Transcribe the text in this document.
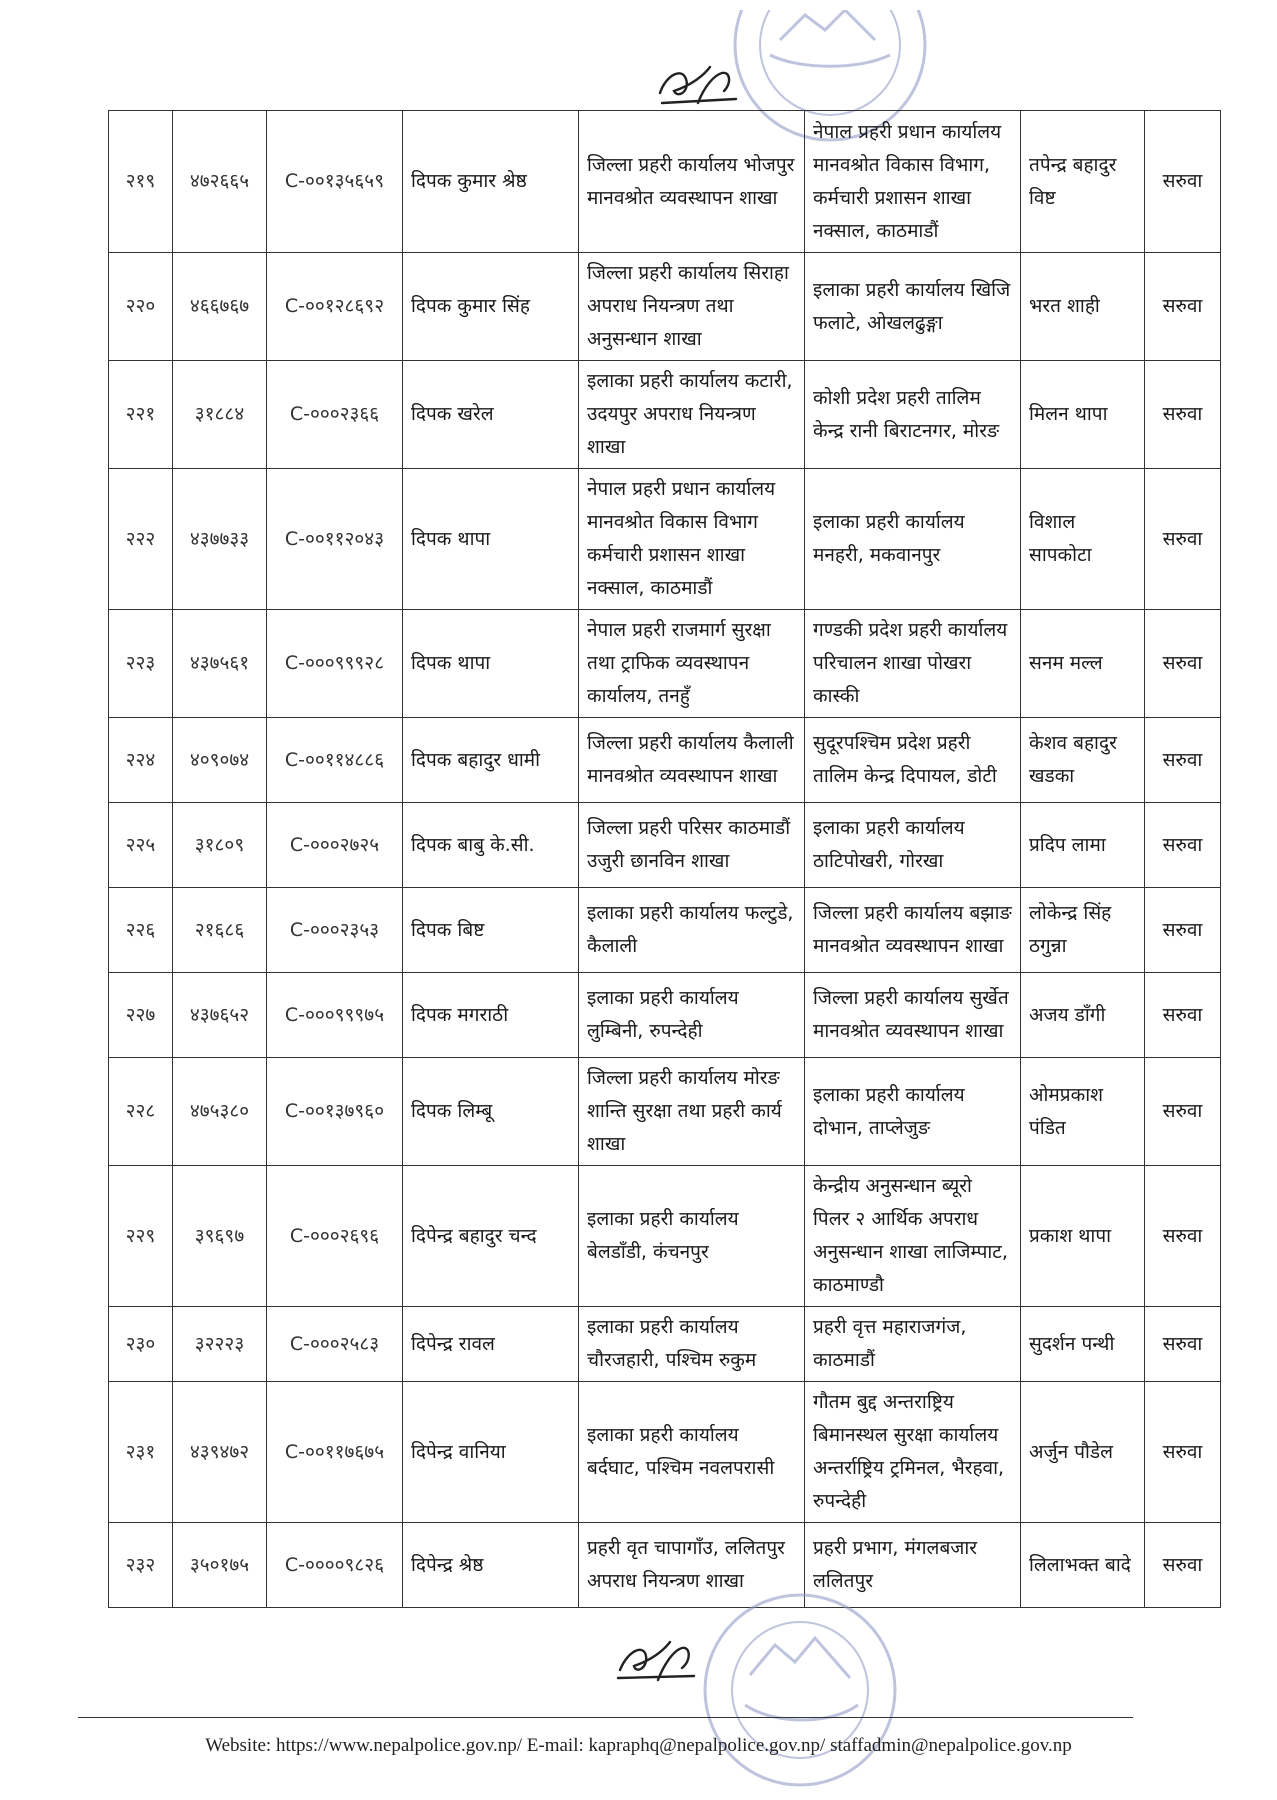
२१९	४७२६६५	C-००१३५६५९	दिपक कुमार श्रेष्ठ	जिल्ला प्रहरी कार्यालय भोजपुर मानवश्रोत व्यवस्थापन शाखा	नेपाल प्रहरी प्रधान कार्यालय मानवश्रोत विकास विभाग, कर्मचारी प्रशासन शाखा नक्साल, काठमाडौं	तपेन्द्र बहादुर विष्ट	सरुवा
२२०	४६६७६७	C-००१२८६९२	दिपक कुमार सिंह	जिल्ला प्रहरी कार्यालय सिराहा अपराध नियन्त्रण तथा अनुसन्धान शाखा	इलाका प्रहरी कार्यालय खिजि फलाटे, ओखलढुङ्गा	भरत शाही	सरुवा
२२१	३१८८४	C-०००२३६६	दिपक खरेल	इलाका प्रहरी कार्यालय कटारी, उदयपुर अपराध नियन्त्रण शाखा	कोशी प्रदेश प्रहरी तालिम केन्द्र रानी बिराटनगर, मोरङ	मिलन थापा	सरुवा
२२२	४३७७३३	C-००११२०४३	दिपक थापा	नेपाल प्रहरी प्रधान कार्यालय मानवश्रोत विकास विभाग कर्मचारी प्रशासन शाखा नक्साल, काठमाडौं	इलाका प्रहरी कार्यालय मनहरी, मकवानपुर	विशाल सापकोटा	सरुवा
२२३	४३७५६१	C-०००९९९२८	दिपक थापा	नेपाल प्रहरी राजमार्ग सुरक्षा तथा ट्राफिक व्यवस्थापन कार्यालय, तनहुँ	गण्डकी प्रदेश प्रहरी कार्यालय परिचालन शाखा पोखरा कास्की	सनम मल्ल	सरुवा
२२४	४०९०७४	C-००११४८८६	दिपक बहादुर धामी	जिल्ला प्रहरी कार्यालय कैलाली मानवश्रोत व्यवस्थापन शाखा	सुदूरपश्चिम प्रदेश प्रहरी तालिम केन्द्र दिपायल, डोटी	केशव बहादुर खडका	सरुवा
२२५	३१८०९	C-०००२७२५	दिपक बाबु के.सी.	जिल्ला प्रहरी परिसर काठमाडौं उजुरी छानविन शाखा	इलाका प्रहरी कार्यालय ठाटिपोखरी, गोरखा	प्रदिप लामा	सरुवा
२२६	२१६८६	C-०००२३५३	दिपक बिष्ट	इलाका प्रहरी कार्यालय फल्टुडे, कैलाली	जिल्ला प्रहरी कार्यालय बझाङ मानवश्रोत व्यवस्थापन शाखा	लोकेन्द्र सिंह ठगुन्ना	सरुवा
२२७	४३७६५२	C-०००९९९७५	दिपक मगराठी	इलाका प्रहरी कार्यालय लुम्बिनी, रुपन्देही	जिल्ला प्रहरी कार्यालय सुर्खेत मानवश्रोत व्यवस्थापन शाखा	अजय डाँगी	सरुवा
२२८	४७५३८०	C-००१३७९६०	दिपक लिम्बू	जिल्ला प्रहरी कार्यालय मोरङ शान्ति सुरक्षा तथा प्रहरी कार्य शाखा	इलाका प्रहरी कार्यालय दोभान, ताप्लेजुङ	ओमप्रकाश पंडित	सरुवा
२२९	३९६९७	C-०००२६९६	दिपेन्द्र बहादुर चन्द	इलाका प्रहरी कार्यालय बेलडाँडी, कंचनपुर	केन्द्रीय अनुसन्धान ब्यूरो पिलर २ आर्थिक अपराध अनुसन्धान शाखा लाजिम्पाट, काठमाण्डौ	प्रकाश थापा	सरुवा
२३०	३२२२३	C-०००२५८३	दिपेन्द्र रावल	इलाका प्रहरी कार्यालय चौरजहारी, पश्चिम रुकुम	प्रहरी वृत्त महाराजगंज, काठमाडौं	सुदर्शन पन्थी	सरुवा
२३१	४३९४७२	C-००११७६७५	दिपेन्द्र वानिया	इलाका प्रहरी कार्यालय बर्दघाट, पश्चिम नवलपरासी	गौतम बुद्द अन्तराष्ट्रिय बिमानस्थल सुरक्षा कार्यालय अन्तर्राष्ट्रिय ट्रमिनल, भैरहवा, रुपन्देही	अर्जुन पौडेल	सरुवा
२३२	३५०१७५	C-००००९८२६	दिपेन्द्र श्रेष्ठ	प्रहरी वृत चापागाँउ, ललितपुर अपराध नियन्त्रण शाखा	प्रहरी प्रभाग, मंगलबजार ललितपुर	लिलाभक्त बादे	सरुवा
Website: https://www.nepalpolice.gov.np/ E-mail: kapraphq@nepalpolice.gov.np/ staffadmin@nepalpolice.gov.np
